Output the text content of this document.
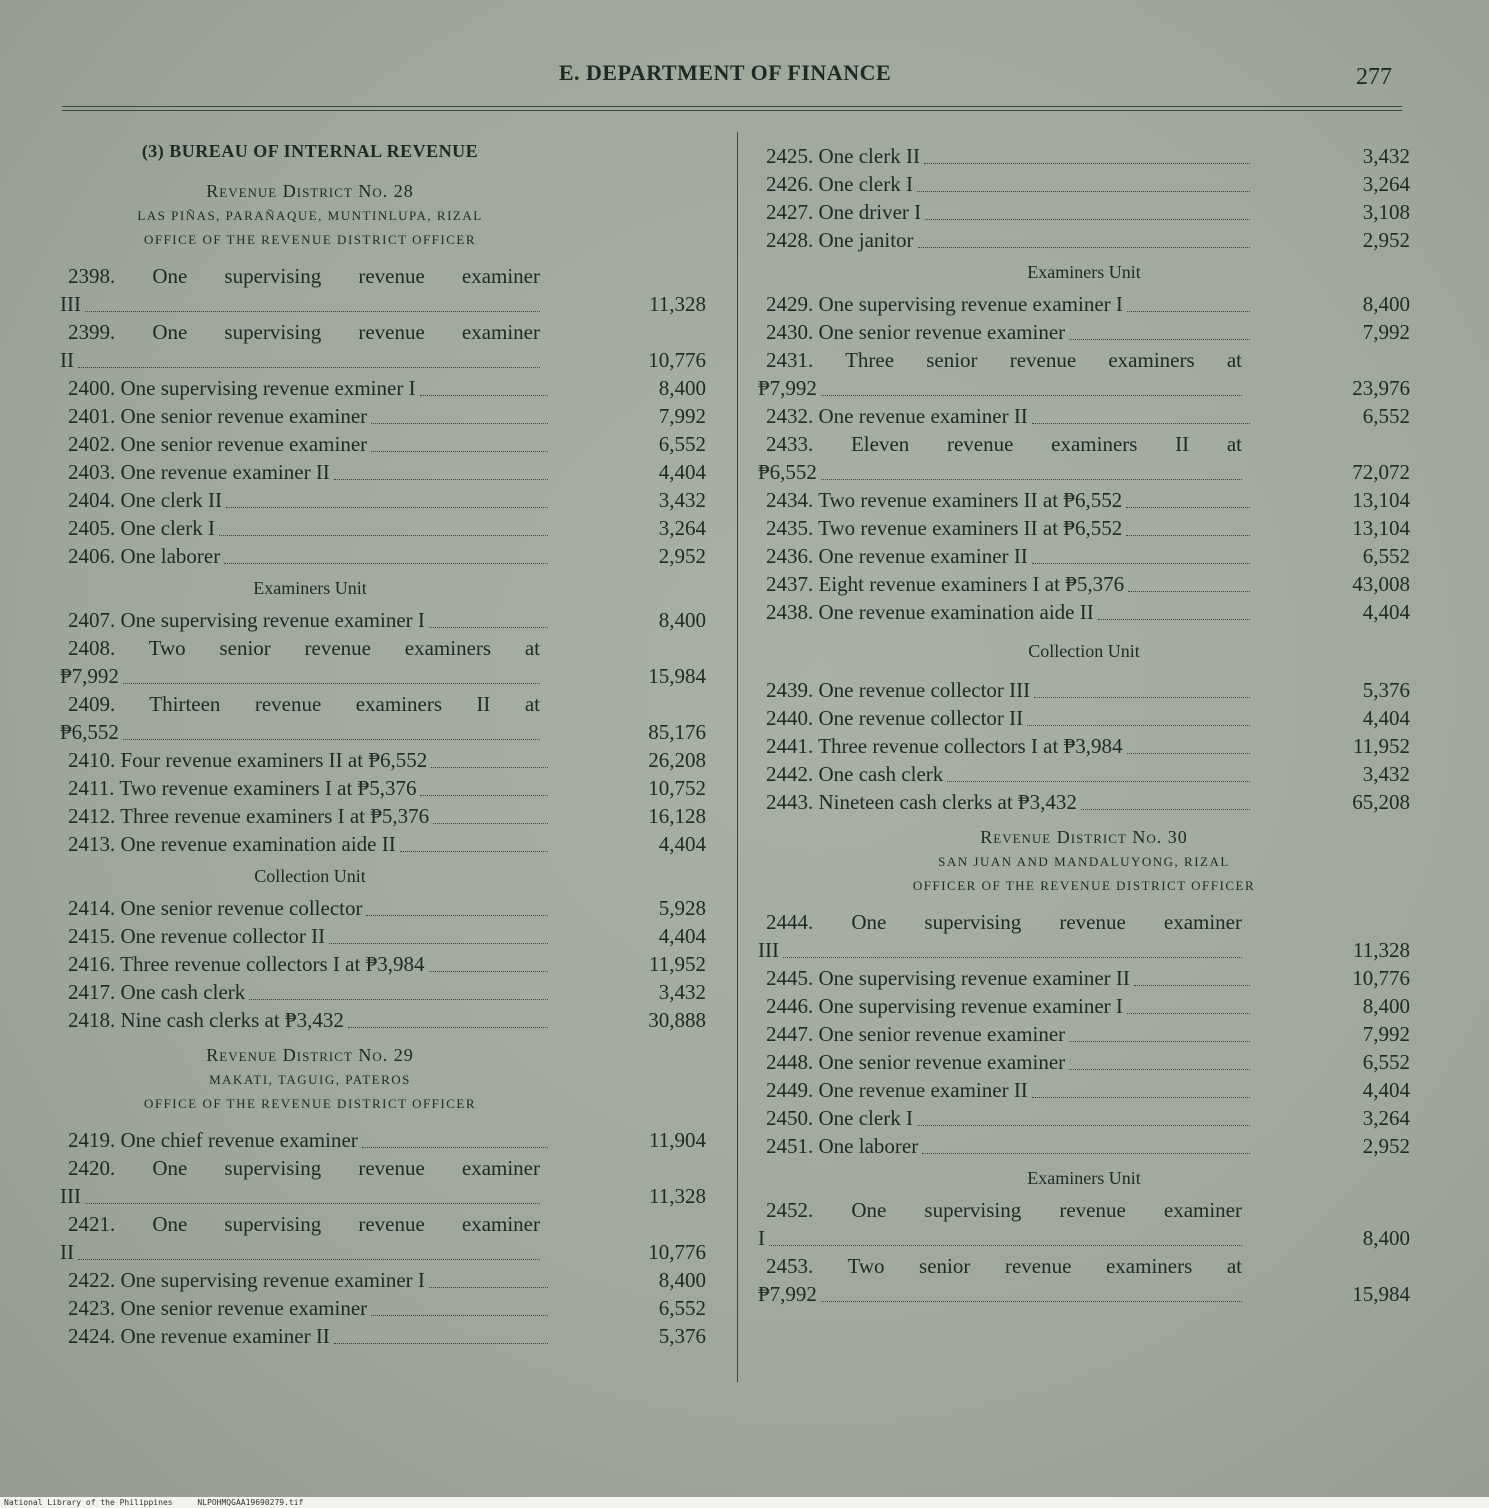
E. DEPARTMENT OF FINANCE	277
(3) BUREAU OF INTERNAL REVENUE
Revenue District No. 28
LAS PIÑAS, PARAÑAQUE, MUNTINLUPA, RIZAL
OFFICE OF THE REVENUE DISTRICT OFFICER
2398. One supervising revenue examiner
III	11,328
2399. One supervising revenue examiner
II	10,776
2400. One supervising revenue exminer I	8,400
2401. One senior revenue examiner	7,992
2402. One senior revenue examiner	6,552
2403. One revenue examiner II	4,404
2404. One clerk II	3,432
2405. One clerk I	3,264
2406. One laborer	2,952
Examiners Unit
2407. One supervising revenue examiner I	8,400
2408. Two senior revenue examiners at
₱7,992	15,984
2409. Thirteen revenue examiners II at
₱6,552	85,176
2410. Four revenue examiners II at ₱6,552	26,208
2411. Two revenue examiners I at ₱5,376	10,752
2412. Three revenue examiners I at ₱5,376	16,128
2413. One revenue examination aide II	4,404
Collection Unit
2414. One senior revenue collector	5,928
2415. One revenue collector II	4,404
2416. Three revenue collectors I at ₱3,984	11,952
2417. One cash clerk	3,432
2418. Nine cash clerks at ₱3,432	30,888
Revenue District No. 29
MAKATI, TAGUIG, PATEROS
OFFICE OF THE REVENUE DISTRICT OFFICER
2419. One chief revenue examiner	11,904
2420. One supervising revenue examiner
III	11,328
2421. One supervising revenue examiner
II	10,776
2422. One supervising revenue examiner I	8,400
2423. One senior revenue examiner	6,552
2424. One revenue examiner II	5,376
2425. One clerk II	3,432
2426. One clerk I	3,264
2427. One driver I	3,108
2428. One janitor	2,952
Examiners Unit
2429. One supervising revenue examiner I	8,400
2430. One senior revenue examiner	7,992
2431. Three senior revenue examiners at
₱7,992	23,976
2432. One revenue examiner II	6,552
2433. Eleven revenue examiners II at
₱6,552	72,072
2434. Two revenue examiners II at ₱6,552	13,104
2435. Two revenue examiners II at ₱6,552	13,104
2436. One revenue examiner II	6,552
2437. Eight revenue examiners I at ₱5,376	43,008
2438. One revenue examination aide II	4,404
Collection Unit
2439. One revenue collector III	5,376
2440. One revenue collector II	4,404
2441. Three revenue collectors I at ₱3,984	11,952
2442. One cash clerk	3,432
2443. Nineteen cash clerks at ₱3,432	65,208
Revenue District No. 30
SAN JUAN AND MANDALUYONG, RIZAL
OFFICER OF THE REVENUE DISTRICT OFFICER
2444. One supervising revenue examiner
III	11,328
2445. One supervising revenue examiner II	10,776
2446. One supervising revenue examiner I	8,400
2447. One senior revenue examiner	7,992
2448. One senior revenue examiner	6,552
2449. One revenue examiner II	4,404
2450. One clerk I	3,264
2451. One laborer	2,952
Examiners Unit
2452. One supervising revenue examiner
I	8,400
2453. Two senior revenue examiners at
₱7,992	15,984
National Library of the Philippines	NLPOHMQGAA19690279.tif
